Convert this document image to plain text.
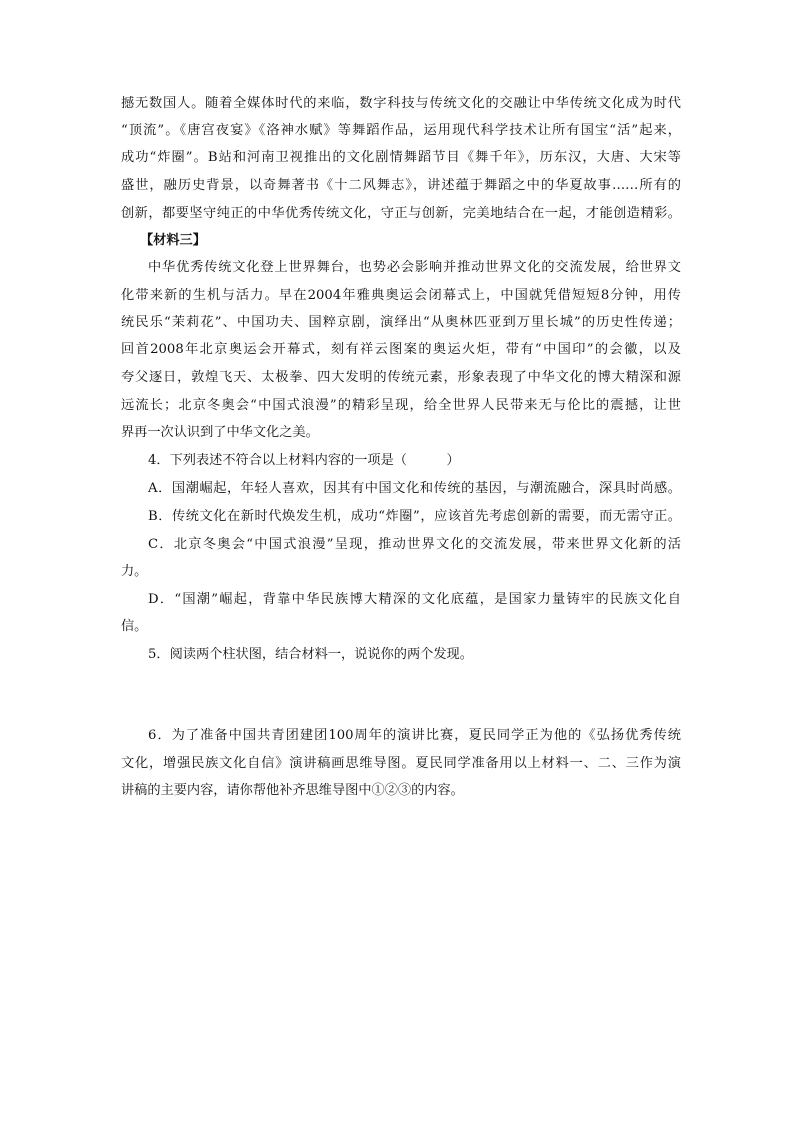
撼无数国人。随着全媒体时代的来临，数字科技与传统文化的交融让中华传统文化成为时代
“顶流”。《唐宫夜宴》《洛神水赋》等舞蹈作品，运用现代科学技术让所有国宝“活”起来，
成功“炸圈”。B站和河南卫视推出的文化剧情舞蹈节目《舞千年》，历东汉，大唐、大宋等
盛世，融历史背景，以奇舞著书《十二风舞志》，讲述蕴于舞蹈之中的华夏故事……所有的
创新，都要坚守纯正的中华优秀传统文化，守正与创新，完美地结合在一起，才能创造精彩。
【材料三】
中华优秀传统文化登上世界舞台，也势必会影响并推动世界文化的交流发展，给世界文
化带来新的生机与活力。早在2004年雅典奥运会闭幕式上，中国就凭借短短8分钟，用传
统民乐“茉莉花”、中国功夫、国粹京剧，演绎出“从奥林匹亚到万里长城”的历史性传递；
回首2008年北京奥运会开幕式，刻有祥云图案的奥运火炬，带有“中国印”的会徽，以及
夸父逐日，敦煌飞天、太极拳、四大发明的传统元素，形象表现了中华文化的博大精深和源
远流长；北京冬奥会“中国式浪漫”的精彩呈现，给全世界人民带来无与伦比的震撼，让世
界再一次认识到了中华文化之美。
4．下列表述不符合以上材料内容的一项是（　　　）
A．国潮崛起，年轻人喜欢，因其有中国文化和传统的基因，与潮流融合，深具时尚感。
B．传统文化在新时代焕发生机，成功“炸圈”，应该首先考虑创新的需要，而无需守正。
C．北京冬奥会“中国式浪漫”呈现，推动世界文化的交流发展，带来世界文化新的活
力。
D．“国潮”崛起，背靠中华民族博大精深的文化底蕴，是国家力量铸牢的民族文化自
信。
5．阅读两个柱状图，结合材料一，说说你的两个发现。
6．为了准备中国共青团建团100周年的演讲比赛，夏民同学正为他的《弘扬优秀传统
文化，增强民族文化自信》演讲稿画思维导图。夏民同学准备用以上材料一、二、三作为演
讲稿的主要内容，请你帮他补齐思维导图中①②③的内容。
